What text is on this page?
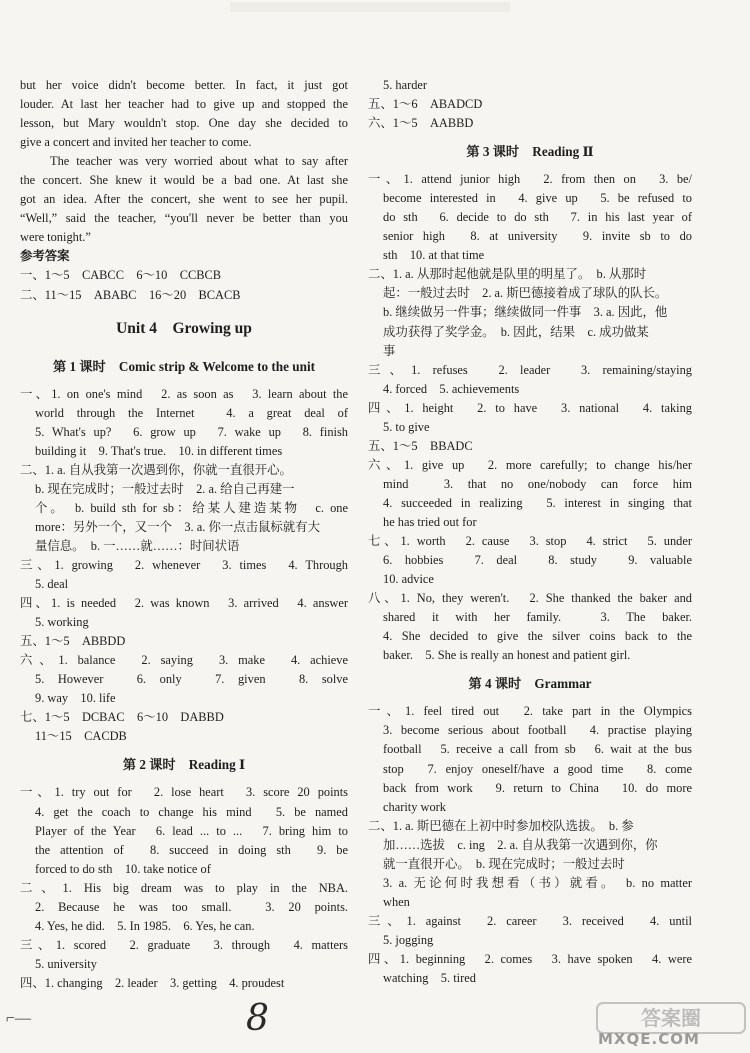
but her voice didn't become better. In fact, it just got
louder. At last her teacher had to give up and stopped the
lesson, but Mary wouldn't stop. One day she decided to
give a concert and invited her teacher to come.
The teacher was very worried about what to say after
the concert. She knew it would be a bad one. At last she
got an idea. After the concert, she went to see her pupil.
“Well,” said the teacher, “you'll never be better than you
were tonight.”
参考答案
一、1～5　CABCC　6～10　CCBCB
二、11～15　ABABC　16～20　BCACB
Unit 4　Growing up
第 1 课时　Comic strip & Welcome to the unit
一、1. on one's mind　2. as soon as　3. learn about the
world through the Internet　4. a great deal of
5. What's up?　6. grow up　7. wake up　8. finish
building it　9. That's true.　10. in different times
二、1. a. 自从我第一次遇到你，你就一直很开心。
b. 现在完成时；一般过去时　2. a. 给自己再建一
个。　b. build sth for sb：给某人建造某物　c. one
more：另外一个，又一个　3. a. 你一点击鼠标就有大
量信息。　b. 一……就……：时间状语
三、1. growing　2. whenever　3. times　4. Through
5. deal
四、1. is needed　2. was known　3. arrived　4. answer
5. working
五、1～5　ABBDD
六、1. balance　2. saying　3. make　4. achieve
5. However　6. only　7. given　8. solve
9. way　10. life
七、1～5　DCBAC　6～10　DABBD
11～15　CACDB
第 2 课时　Reading Ⅰ
一、1. try out for　2. lose heart　3. score 20 points
4. get the coach to change his mind　5. be named
Player of the Year　6. lead ... to ...　7. bring him to
the attention of　8. succeed in doing sth　9. be
forced to do sth　10. take notice of
二、1. His big dream was to play in the NBA.
2. Because he was too small.　3. 20 points.
4. Yes, he did.　5. In 1985.　6. Yes, he can.
三、1. scored　2. graduate　3. through　4. matters
5. university
四、1. changing　2. leader　3. getting　4. proudest
5. harder
五、1～6　ABADCD
六、1～5　AABBD
第 3 课时　Reading Ⅱ
一、1. attend junior high　2. from then on　3. be/
become interested in　4. give up　5. be refused to
do sth　6. decide to do sth　7. in his last year of
senior high　8. at university　9. invite sb to do
sth　10. at that time
二、1. a. 从那时起他就是队里的明星了。　b. 从那时
起：一般过去时　2. a. 斯巴德接着成了球队的队长。
b. 继续做另一件事；继续做同一件事　3. a. 因此，他
成功获得了奖学金。　b. 因此，结果　c. 成功做某
事
三、1. refuses　2. leader　3. remaining/staying
4. forced　5. achievements
四、1. height　2. to have　3. national　4. taking
5. to give
五、1～5　BBADC
六、1. give up　2. more carefully; to change his/her
mind　3. that no one/nobody can force him
4. succeeded in realizing　5. interest in singing that
he has tried out for
七、1. worth　2. cause　3. stop　4. strict　5. under
6. hobbies　7. deal　8. study　9. valuable
10. advice
八、1. No, they weren't.　2. She thanked the baker and
shared it with her family.　3. The baker.
4. She decided to give the silver coins back to the
baker.　5. She is really an honest and patient girl.
第 4 课时　Grammar
一、1. feel tired out　2. take part in the Olympics
3. become serious about football　4. practise playing
football　5. receive a call from sb　6. wait at the bus
stop　7. enjoy oneself/have a good time　8. come
back from work　9. return to China　10. do more
charity work
二、1. a. 斯巴德在上初中时参加校队选拔。　b. 参
加……选拔　c. ing　2. a. 自从我第一次遇到你，你
就一直很开心。　b. 现在完成时；一般过去时
3. a. 无论何时我想看（书）就看。　b. no matter
when
三、1. against　2. career　3. received　4. until
5. jogging
四、1. beginning　2. comes　3. have spoken　4. were
watching　5. tired
⌐—	8	答案圈
MXQE.COM
